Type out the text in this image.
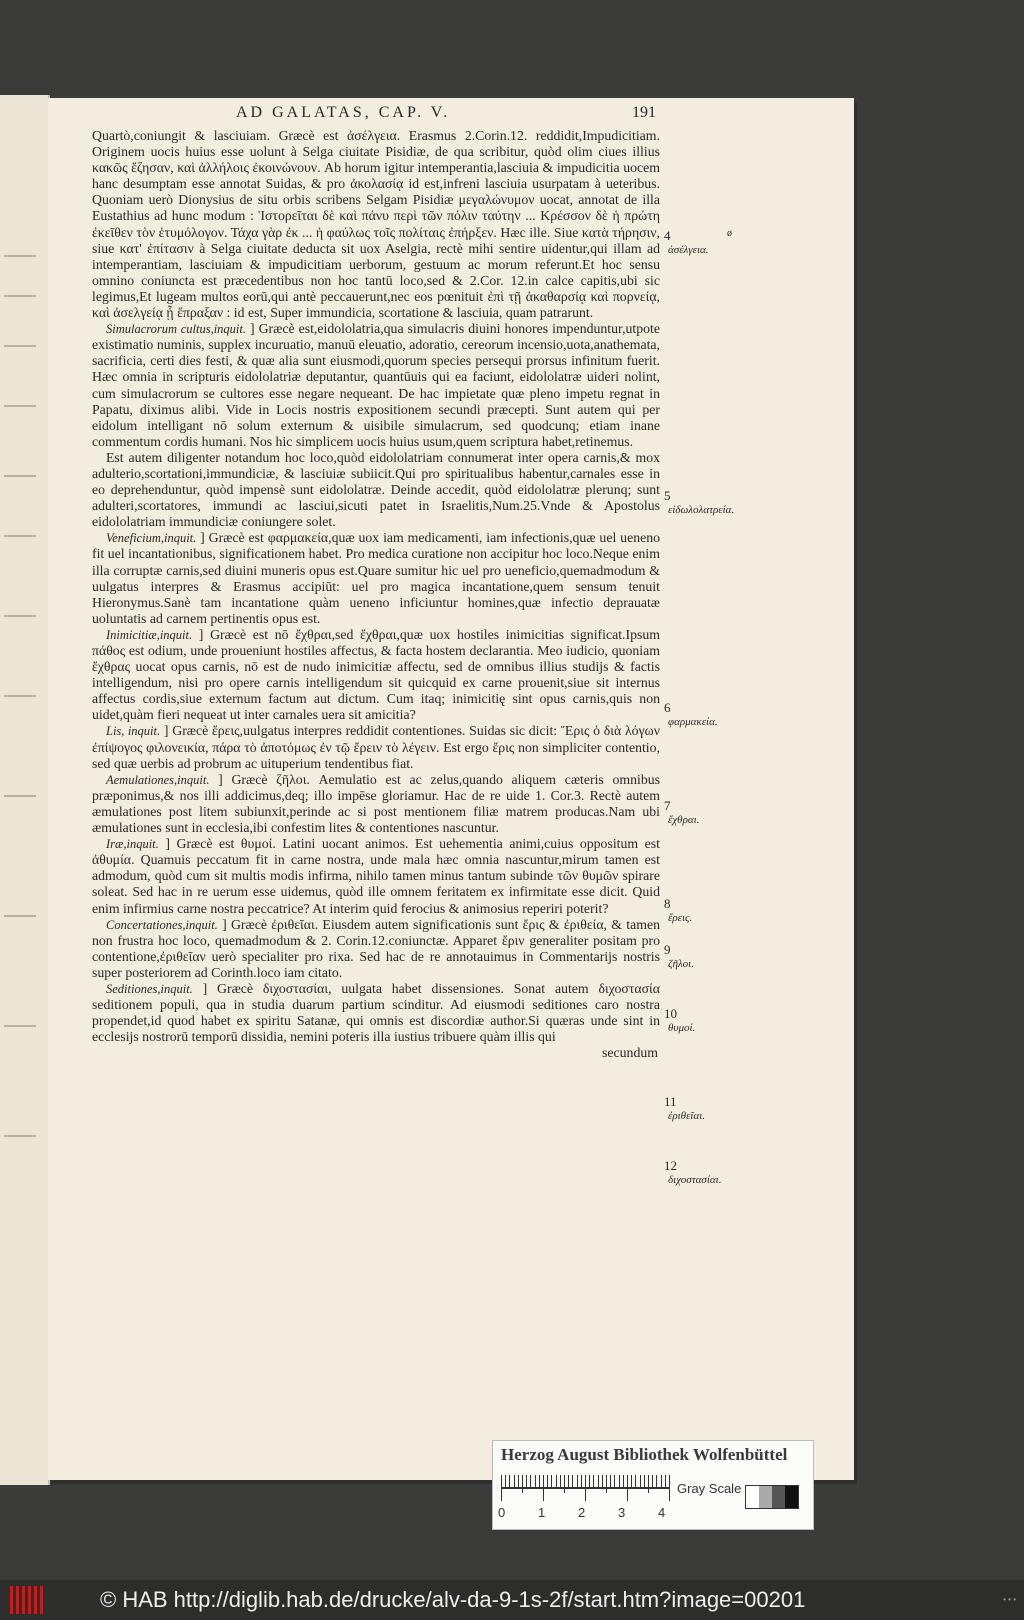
AD GALATAS, CAP. V.	191
ø

Quartò,coniungit & lasciuiam. Græcè est ἀσέλγεια. Erasmus 2.Corin.12. reddidit,Impudicitiam. Originem uocis huius esse uolunt à Selga ciuitate Pisidiæ, de qua scribitur, quòd olim ciues illius κακῶς ἔζησαν, καὶ ἀλλήλοις ἐκοινώνουν. Ab horum igitur intemperantia,lasciuia & impudicitia uocem hanc desumptam esse annotat Suidas, & pro ἀκολασίᾳ id est,infreni lasciuia usurpatam à ueteribus. Quoniam uerò Dionysius de situ orbis scribens Selgam Pisidiæ μεγαλώνυμον uocat, annotat de illa Eustathius ad hunc modum : Ἱστορεῖται δὲ καὶ πάνυ περὶ τῶν πόλιν ταύτην ... Κρέσσον δὲ ἡ πρώτη ἐκεῖθεν τὸν ἑτυμόλογον. Τάχα γὰρ ἐκ ... ἡ φαύλως τοῖς πολίταις ἐπήρξεν. Hæc ille. Siue κατὰ τήρησιν, siue κατ' ἐπίτασιν à Selga ciuitate deducta sit uox Aselgia, rectè mihi sentire uidentur,qui illam ad intemperantiam, lasciuiam & impudicitiam uerborum, gestuum ac morum referunt.Et hoc sensu omnino coniuncta est præcedentibus non hoc tantū loco,sed & 2.Cor. 12.in calce capitis,ubi sic legimus,Et lugeam multos eorū,qui antè peccauerunt,nec eos pœnituit ἐπὶ τῇ ἀκαθαρσίᾳ καὶ πορνείᾳ, καὶ ἀσελγείᾳ ᾗ ἔπραξαν : id est, Super immundicia, scortatione & lasciuia, quam patrarunt.

Simulacrorum cultus,inquit. ] Græcè est,eidololatria,qua simulacris diuini honores impenduntur,utpote existimatio numinis, supplex incuruatio, manuū eleuatio, adoratio, cereorum incensio,uota,anathemata, sacrificia, certi dies festi, & quæ alia sunt eiusmodi,quorum species persequi prorsus infinitum fuerit. Hæc omnia in scripturis eidololatriæ deputantur, quantūuis qui ea faciunt, eidololatræ uideri nolint, cum simulacrorum se cultores esse negare nequeant. De hac impietate quæ pleno impetu regnat in Papatu, diximus alibi. Vide in Locis nostris expositionem secundi præcepti. Sunt autem qui per eidolum intelligant nō solum externum & uisibile simulacrum, sed quodcunq; etiam inane commentum cordis humani. Nos hic simplicem uocis huius usum,quem scriptura habet,retinemus.

Est autem diligenter notandum hoc loco,quòd eidololatriam connumerat inter opera carnis,& mox adulterio,scortationi,immundiciæ, & lasciuiæ subiicit.Qui pro spiritualibus habentur,carnales esse in eo deprehenduntur, quòd impensè sunt eidololatræ. Deinde accedit, quòd eidololatræ plerunq; sunt adulteri,scortatores, immundi ac lasciui,sicuti patet in Israelitis,Num.25.Vnde & Apostolus eidololatriam immundiciæ coniungere solet.

Veneficium,inquit. ] Græcè est φαρμακεία,quæ uox iam medicamenti, iam infectionis,quæ uel ueneno fit uel incantationibus, significationem habet. Pro medica curatione non accipitur hoc loco.Neque enim illa corruptæ carnis,sed diuini muneris opus est.Quare sumitur hic uel pro ueneficio,quemadmodum & uulgatus interpres & Erasmus accipiūt: uel pro magica incantatione,quem sensum tenuit Hieronymus.Sanè tam incantatione quàm ueneno inficiuntur homines,quæ infectio deprauatæ uoluntatis ad carnem pertinentis opus est.

Inimicitiæ,inquit. ] Græcè est nō ἔχθραι,sed ἔχθραι,quæ uox hostiles inimicitias significat.Ipsum πάθος est odium, unde proueniunt hostiles affectus, & facta hostem declarantia. Meo iudicio, quoniam ἔχθρας uocat opus carnis, nō est de nudo inimicitiæ affectu, sed de omnibus illius studijs & factis intelligendum, nisi pro opere carnis intelligendum sit quicquid ex carne prouenit,siue sit internus affectus cordis,siue externum factum aut dictum. Cum itaq; inimicitię sint opus carnis,quis non uidet,quàm fieri nequeat ut inter carnales uera sit amicitia?

Lis, inquit. ] Græcè ἔρεις,uulgatus interpres reddidit contentiones. Suidas sic dicit: Ἔρις ὁ διὰ λόγων ἐπίψογος φιλονεικία, πάρα τὸ ἀποτόμως ἐν τῷ ἔρειν τὸ λέγειν. Est ergo ἔρις non simpliciter contentio, sed quæ uerbis ad probrum ac uituperium tendentibus fiat.

Aemulationes,inquit. ] Græcè ζῆλοι. Aemulatio est ac zelus,quando aliquem cæteris omnibus præponimus,& nos illi addicimus,deq; illo impēse gloriamur. Hac de re uide 1. Cor.3. Rectè autem æmulationes post litem subiunxit,perinde ac si post mentionem filiæ matrem producas.Nam ubi æmulationes sunt in ecclesia,ibi confestim lites & contentiones nascuntur.

Iræ,inquit. ] Græcè est θυμοί. Latini uocant animos. Est uehementia animi,cuius oppositum est ἀθυμία. Quamuis peccatum fit in carne nostra, unde mala hæc omnia nascuntur,mirum tamen est admodum, quòd cum sit multis modis infirma, nihilo tamen minus tantum subinde τῶν θυμῶν spirare soleat. Sed hac in re uerum esse uidemus, quòd ille omnem feritatem ex infirmitate esse dicit. Quid enim infirmius carne nostra peccatrice? At interim quid ferocius & animosius reperiri poterit?

Concertationes,inquit. ] Græcè ἐριθεῖαι. Eiusdem autem significationis sunt ἔρις & ἐριθεία, & tamen non frustra hoc loco, quemadmodum & 2. Corin.12.coniunctæ. Apparet ἔριν generaliter positam pro contentione,ἐριθεῖαν uerò specialiter pro rixa. Sed hac de re annotauimus in Commentarijs nostris super posteriorem ad Corinth.loco iam citato.

Seditiones,inquit. ] Græcè διχοστασίαι, uulgata habet dissensiones. Sonat autem διχοστασία seditionem populi, qua in studia duarum partium scinditur. Ad eiusmodi seditiones caro nostra propendet,id quod habet ex spiritu Satanæ, qui omnis est discordiæ author.Si quæras unde sint in ecclesijs nostrorū temporū dissidia, nemini poteris illa iustius tribuere quàm illis qui

secundum

4
ἀσέλγεια.
5
εἰδωλολατρεία.
6
φαρμακεία.
7
ἔχθραι.
8
ἔρεις.
9
ζῆλοι.
10
θυμοί.
11
ἐριθεῖαι.
12
διχοστασίαι.
Herzog August Bibliothek Wolfenbüttel
0	1	2	3	4
Gray Scale
© HAB http://diglib.hab.de/drucke/alv-da-9-1s-2f/start.htm?image=00201	• • •
